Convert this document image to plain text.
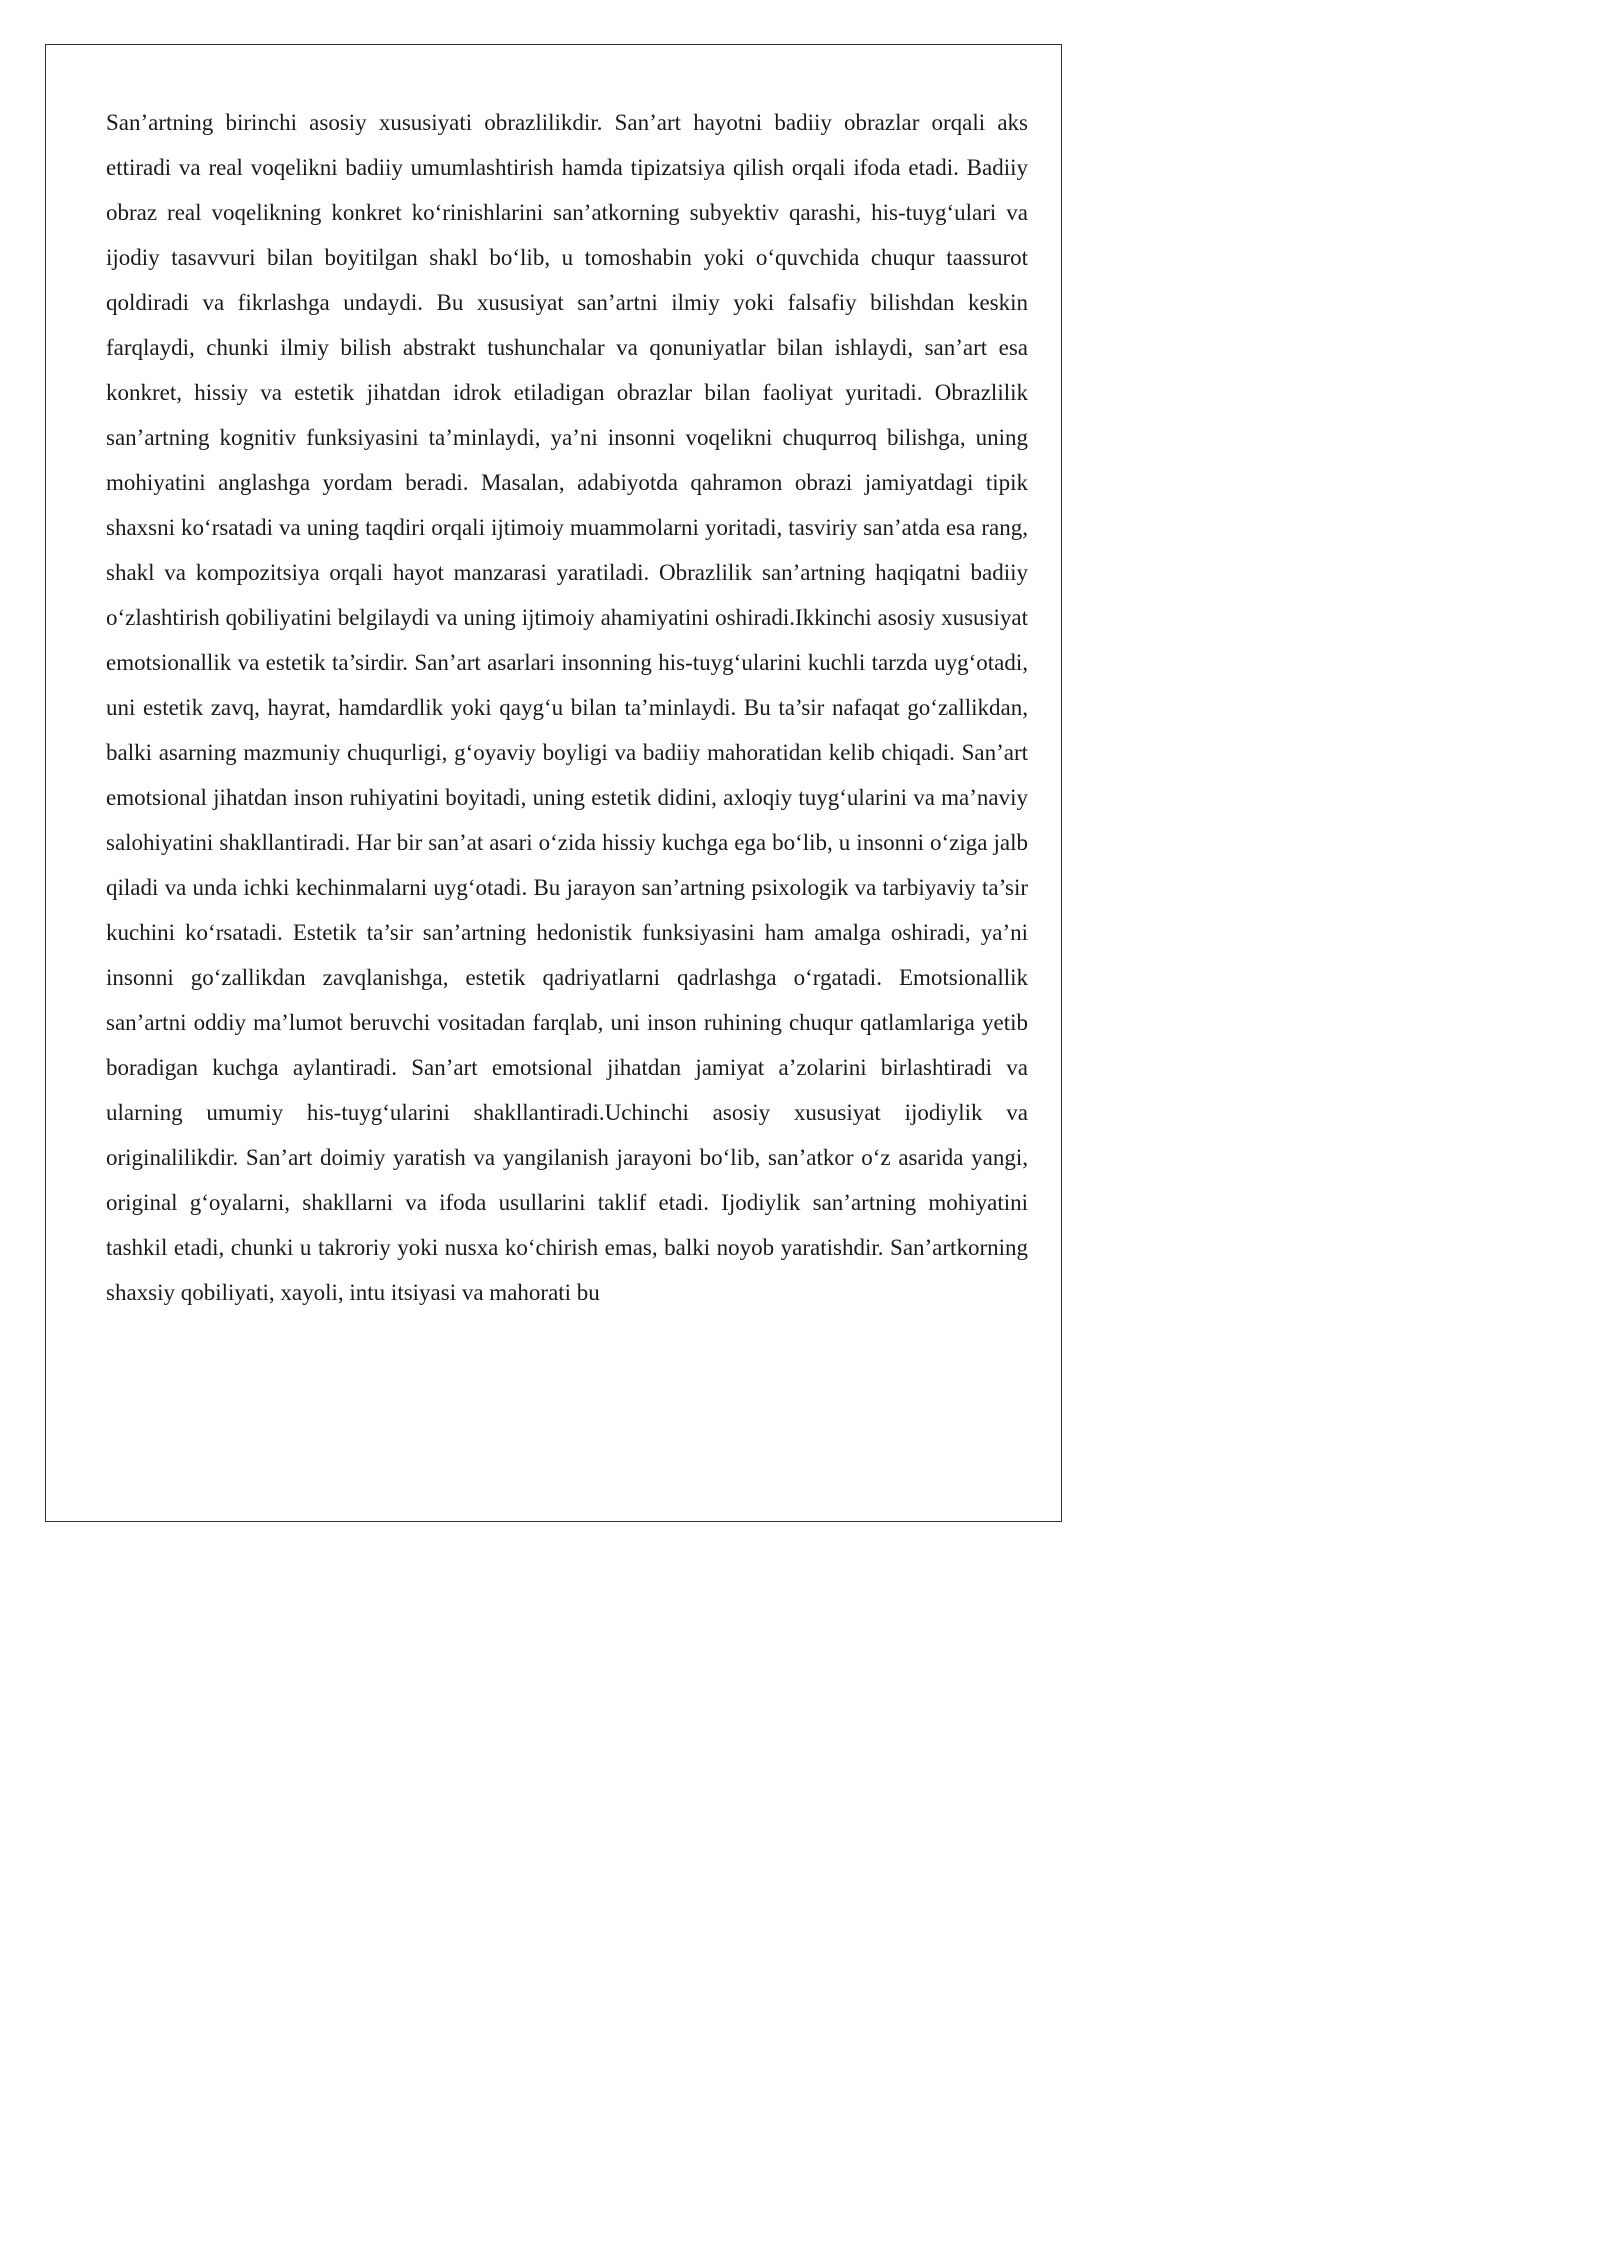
San’artning birinchi asosiy xususiyati obrazlilikdir. San’art hayotni badiiy obrazlar orqali aks ettiradi va real voqelikni badiiy umumlashtirish hamda tipizatsiya qilish orqali ifoda etadi. Badiiy obraz real voqelikning konkret koʻrinishlarini san’atkorning subyektiv qarashi, his-tuygʻulari va ijodiy tasavvuri bilan boyitilgan shakl boʻlib, u tomoshabin yoki oʻquvchida chuqur taassurot qoldiradi va fikrlashga undaydi. Bu xususiyat san’artni ilmiy yoki falsafiy bilishdan keskin farqlaydi, chunki ilmiy bilish abstrakt tushunchalar va qonuniyatlar bilan ishlaydi, san’art esa konkret, hissiy va estetik jihatdan idrok etiladigan obrazlar bilan faoliyat yuritadi. Obrazlilik san’artning kognitiv funksiyasini ta’minlaydi, ya’ni insonni voqelikni chuqurroq bilishga, uning mohiyatini anglashga yordam beradi. Masalan, adabiyotda qahramon obrazi jamiyatdagi tipik shaxsni koʻrsatadi va uning taqdiri orqali ijtimoiy muammolarni yoritadi, tasviriy san’atda esa rang, shakl va kompozitsiya orqali hayot manzarasi yaratiladi. Obrazlilik san’artning haqiqatni badiiy oʻzlashtirish qobiliyatini belgilaydi va uning ijtimoiy ahamiyatini oshiradi.Ikkinchi asosiy xususiyat emotsionallik va estetik ta’sirdir. San’art asarlari insonning his-tuygʻularini kuchli tarzda uygʻotadi, uni estetik zavq, hayrat, hamdardlik yoki qaygʻu bilan ta’minlaydi. Bu ta’sir nafaqat goʻzallikdan, balki asarning mazmuniy chuqurligi, gʻoyaviy boyligi va badiiy mahoratidan kelib chiqadi. San’art emotsional jihatdan inson ruhiyatini boyitadi, uning estetik didini, axloqiy tuygʻularini va ma’naviy salohiyatini shakllantiradi. Har bir san’at asari oʻzida hissiy kuchga ega boʻlib, u insonni oʻziga jalb qiladi va unda ichki kechinmalarni uygʻotadi. Bu jarayon san’artning psixologik va tarbiyaviy ta’sir kuchini koʻrsatadi. Estetik ta’sir san’artning hedonistik funksiyasini ham amalga oshiradi, ya’ni insonni goʻzallikdan zavqlanishga, estetik qadriyatlarni qadrlashga oʻrgatadi. Emotsionallik san’artni oddiy ma’lumot beruvchi vositadan farqlab, uni inson ruhining chuqur qatlamlariga yetib boradigan kuchga aylantiradi. San’art emotsional jihatdan jamiyat a’zolarini birlashtiradi va ularning umumiy his-tuygʻularini shakllantiradi.Uchinchi asosiy xususiyat ijodiylik va originalilikdir. San’art doimiy yaratish va yangilanish jarayoni boʻlib, san’atkor oʻz asarida yangi, original gʻoyalarni, shakllarni va ifoda usullarini taklif etadi. Ijodiylik san’artning mohiyatini tashkil etadi, chunki u takroriy yoki nusxa koʻchirish emas, balki noyob yaratishdir. San’artkorning shaxsiy qobiliyati, xayoli, intu itsiyasi va mahorati bu
